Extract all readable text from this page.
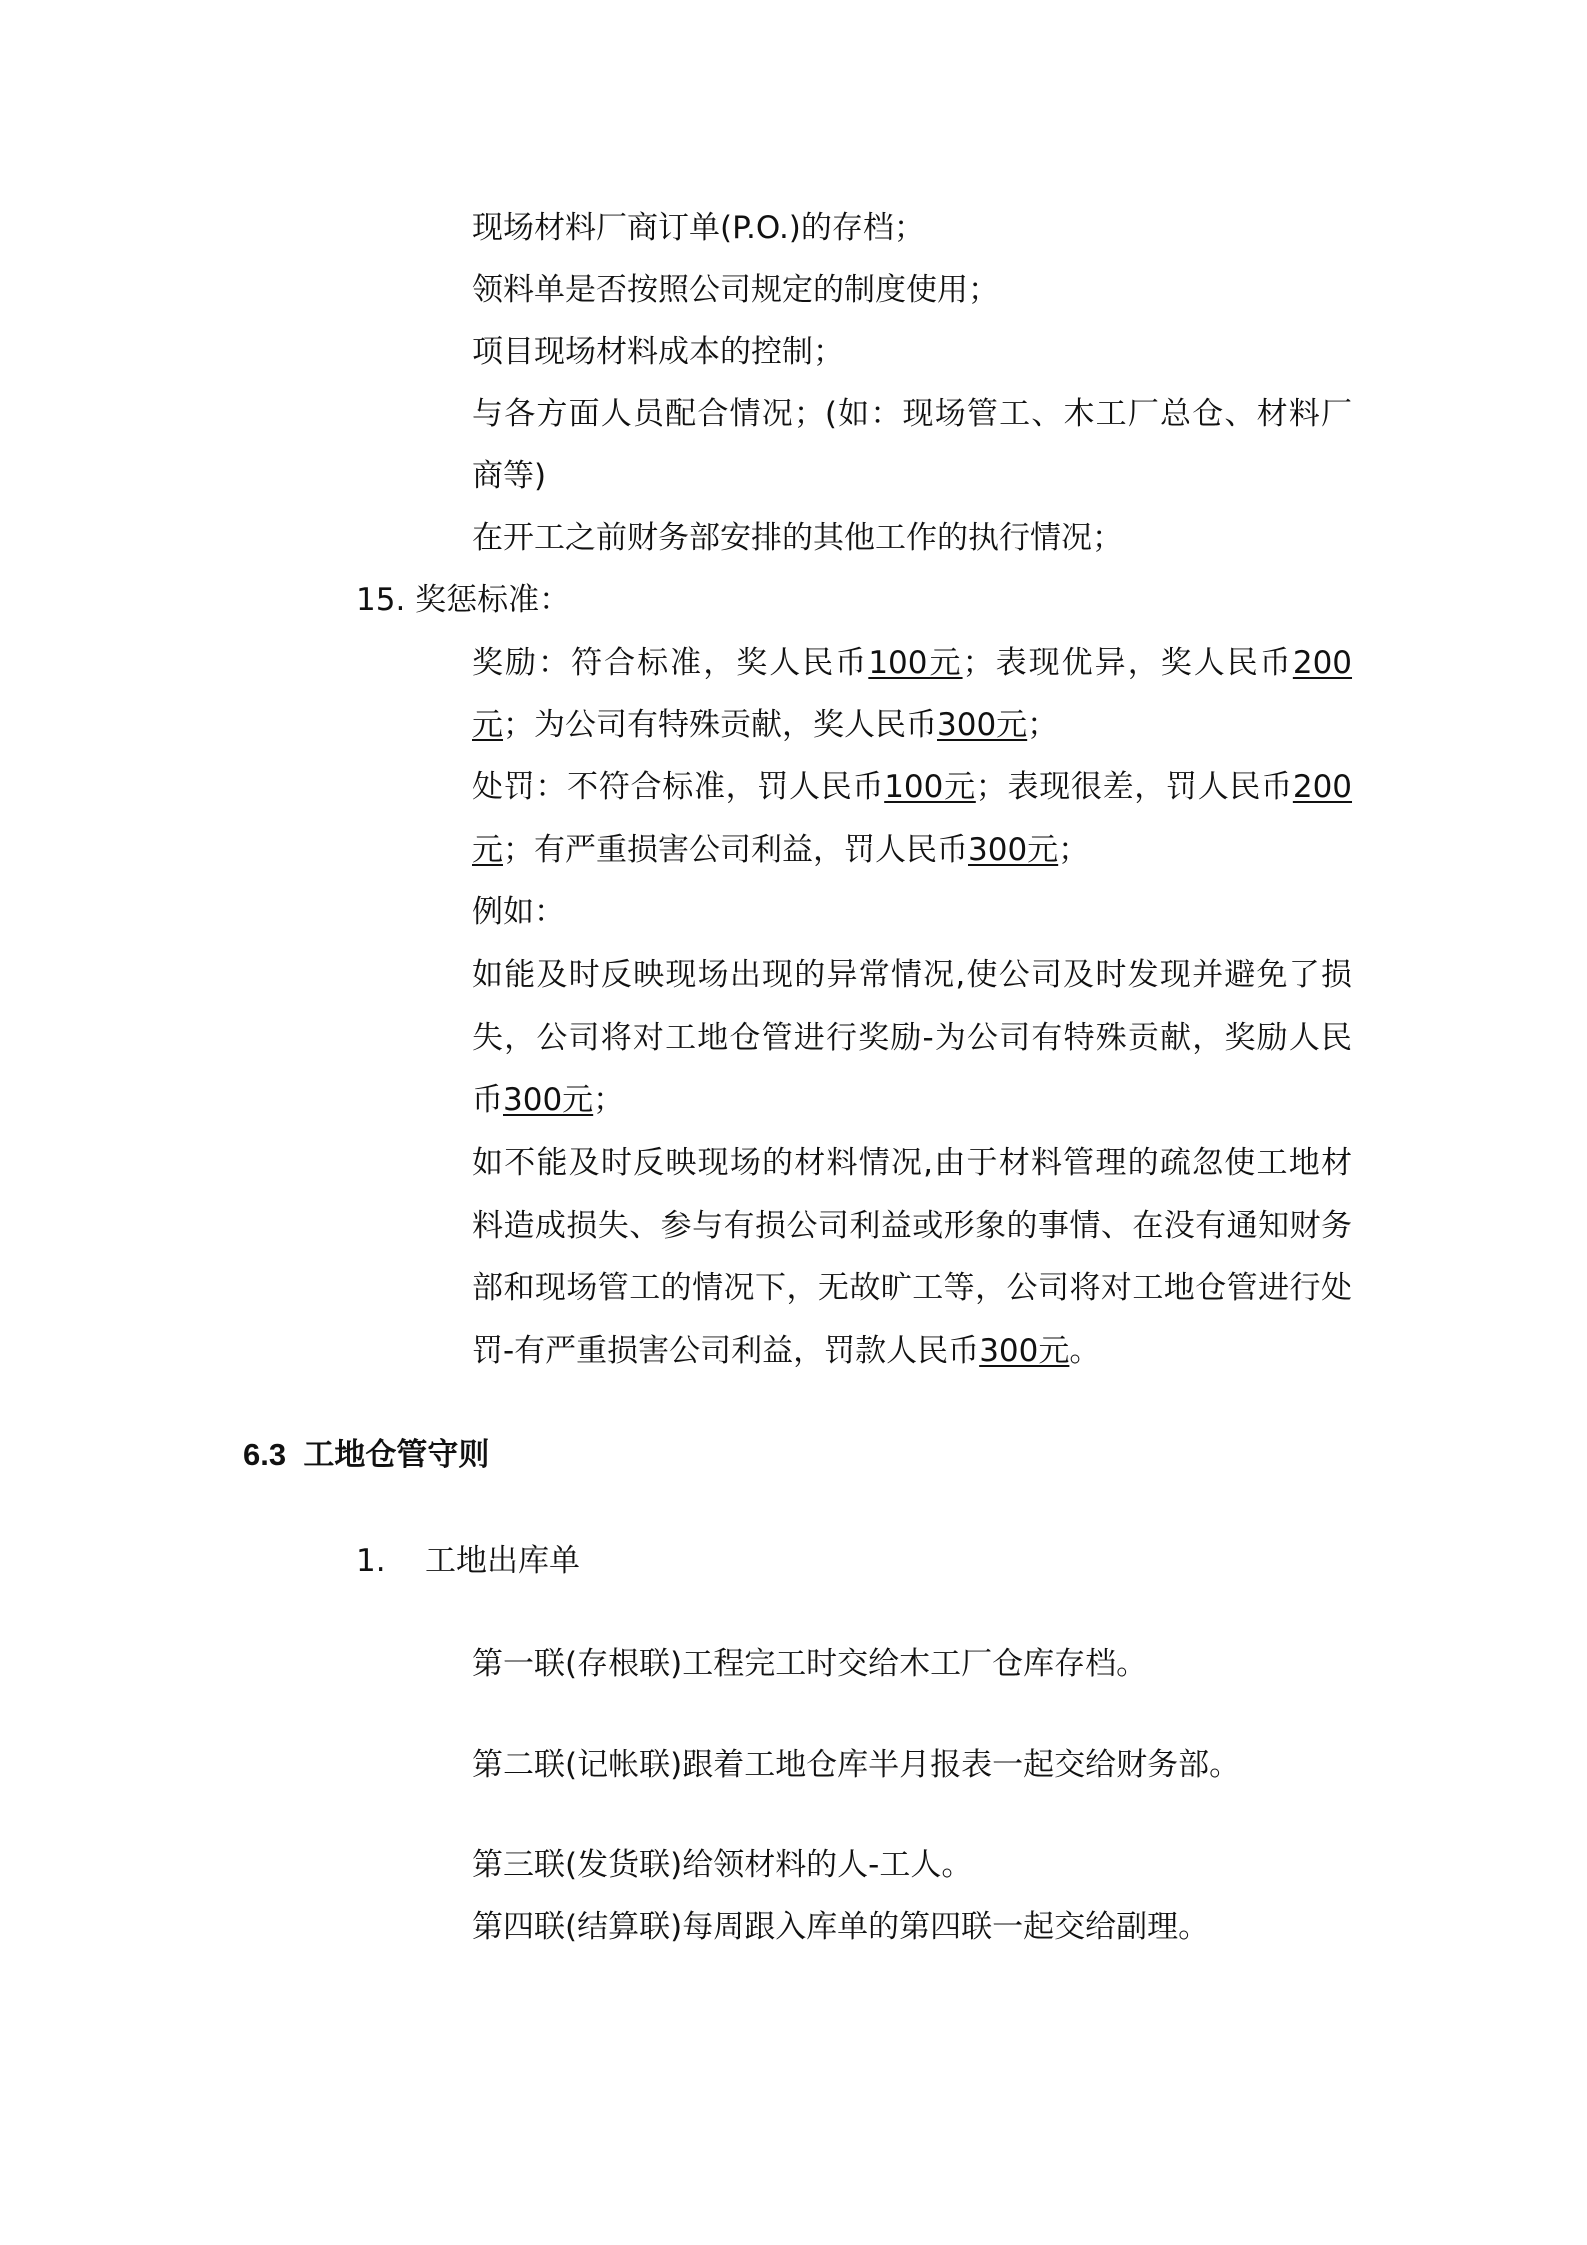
现场材料厂商订单(P.O.)的存档；
领料单是否按照公司规定的制度使用；
项目现场材料成本的控制；
与各方面人员配合情况；(如：现场管工、木工厂总仓、材料厂
商等)
在开工之前财务部安排的其他工作的执行情况；
15. 奖惩标准：
奖励：符合标准，奖人民币100元；表现优异，奖人民币200
元；为公司有特殊贡献，奖人民币300元；
处罚：不符合标准，罚人民币100元；表现很差，罚人民币200
元；有严重损害公司利益，罚人民币300元；
例如：
如能及时反映现场出现的异常情况,使公司及时发现并避免了损
失，公司将对工地仓管进行奖励-为公司有特殊贡献，奖励人民
币300元；
如不能及时反映现场的材料情况,由于材料管理的疏忽使工地材
料造成损失、参与有损公司利益或形象的事情、在没有通知财务
部和现场管工的情况下，无故旷工等，公司将对工地仓管进行处
罚-有严重损害公司利益，罚款人民币300元。
6.3 工地仓管守则
1. 工地出库单
第一联(存根联)工程完工时交给木工厂仓库存档。
第二联(记帐联)跟着工地仓库半月报表一起交给财务部。
第三联(发货联)给领材料的人-工人。
第四联(结算联)每周跟入库单的第四联一起交给副理。
